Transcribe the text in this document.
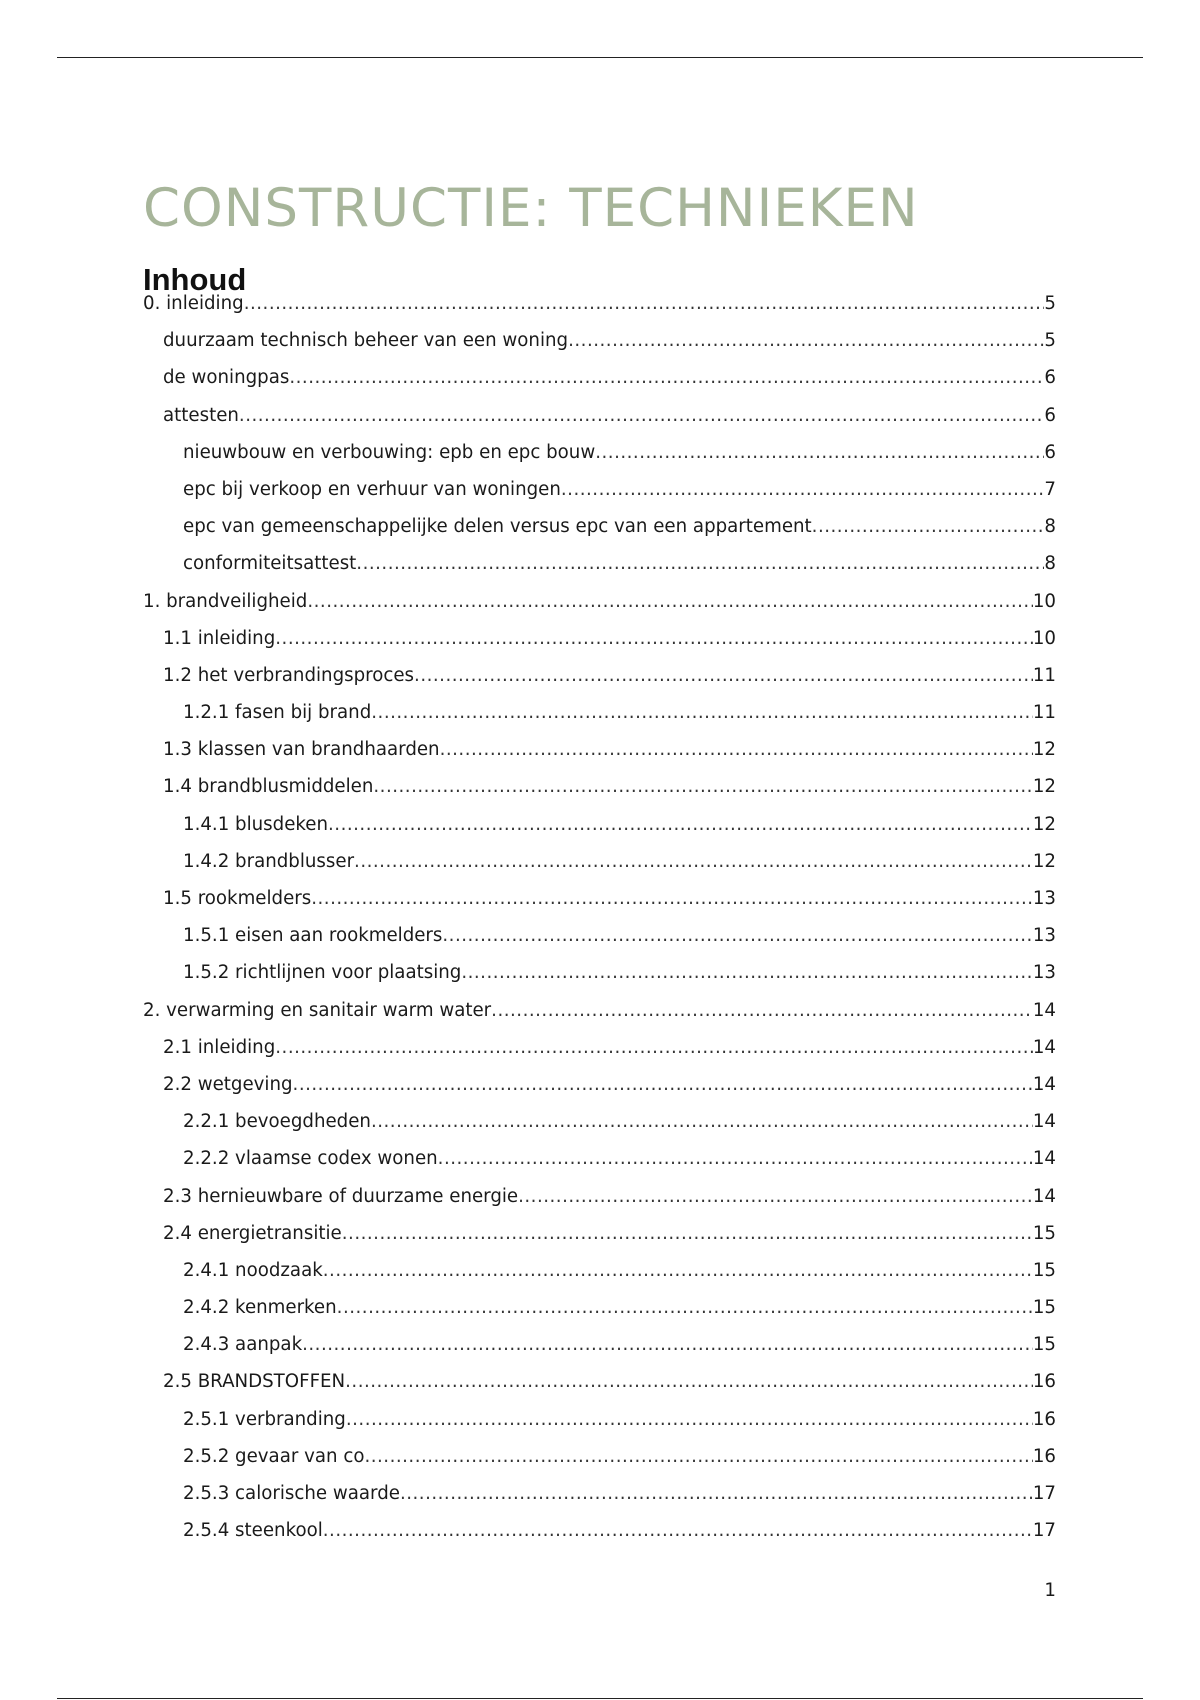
CONSTRUCTIE: TECHNIEKEN
Inhoud
0. inleiding .....	5
duurzaam technisch beheer van een woning .....	5
de woningpas .....	6
attesten .....	6
nieuwbouw en verbouwing: epb en epc bouw .....	6
epc bij verkoop en verhuur van woningen .....	7
epc van gemeenschappelijke delen versus epc van een appartement .....	8
conformiteitsattest .....	8
1. brandveiligheid .....	10
1.1 inleiding .....	10
1.2 het verbrandingsproces .....	11
1.2.1 fasen bij brand .....	11
1.3 klassen van brandhaarden .....	12
1.4 brandblusmiddelen .....	12
1.4.1 blusdeken .....	12
1.4.2 brandblusser .....	12
1.5 rookmelders .....	13
1.5.1 eisen aan rookmelders .....	13
1.5.2 richtlijnen voor plaatsing .....	13
2. verwarming en sanitair warm water .....	14
2.1 inleiding .....	14
2.2 wetgeving .....	14
2.2.1 bevoegdheden .....	14
2.2.2 vlaamse codex wonen .....	14
2.3 hernieuwbare of duurzame energie .....	14
2.4 energietransitie .....	15
2.4.1 noodzaak .....	15
2.4.2 kenmerken .....	15
2.4.3 aanpak .....	15
2.5 BRANDSTOFFEN .....	16
2.5.1 verbranding .....	16
2.5.2 gevaar van co .....	16
2.5.3 calorische waarde .....	17
2.5.4 steenkool .....	17
1
